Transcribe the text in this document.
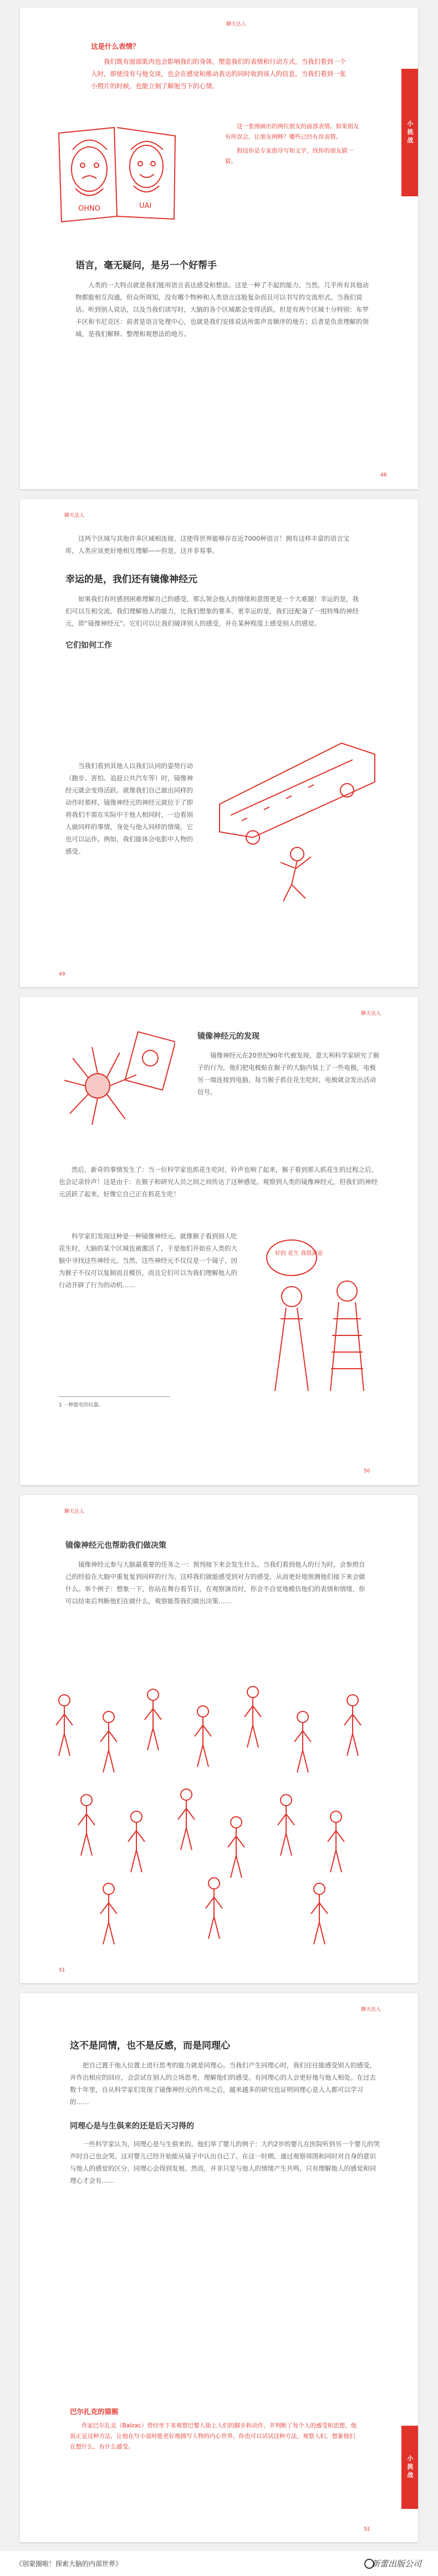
聊天达人

这是什么表情？

我们既有面部肌肉也会影响我们的身体，塑造我们的表情和行动方式。当我们看到一个人时，即使没有与他交谈，也会在感觉和推动表达的同时收到该人的信息。当我们看到一张小照片的时候，也能立刻了解他当下的心情。

OHNO	UAI

这一张图画出的两位朋友的面部表情。如果朋友有所误会，让朋友例释？哪些已经有误表情。

假设你是专家指导写和文字，找你的朋友猜一猜。

小挑战

语言，毫无疑问，是另一个好帮手

人类的一大特点就是我们能用语言表达感受和想法。这是一种了不起的能力。当然，几乎所有其他动物都能相互沟通，但众所周知，没有哪个物种和人类语言这般复杂而且可以书写的交流形式。当我们说话、听到别人说话，以及当我们读写时，大脑的各个区域都会变得活跃。但是有两个区域十分特别：布罗卡区和韦尼克区：前者是语言处理中心，也就是我们安排说话所需声音顺序的地方；后者是负责理解的领域，是我们解释、整理和观想法的地方。

48
聊天达人

这两个区域与其他许多区域相连接。这使得世界能够存在近7000种语言！拥有这样丰富的语言宝库，人类应该更好地相互理解——但是，这并非易事。

幸运的是，我们还有镜像神经元

如果我们有时感到困难理解自己的感受，那么领会他人的情绪和意图更是一个大难题！幸运的是，我们可以互相交流，我们理解他人的能力，比我们想象的要多。更幸运的是，我们还配备了一组特殊的神经元，即“镜像神经元”。它们可以让我们破译别人的感受，并在某种程度上感受别人的感觉。

它们如何工作

当我们看到其他人以我们认同的姿势行动（跑步、害怕、追赶公共汽车等）时，镜像神经元就会变得活跃。就像我们自己做出同样的动作时那样，镜像神经元的神经元就位于了即将我们不需在实际中于他人相同时，一边看别人做同样的事情，身处与他人同样的情境，它也可以运作。例如，我们能体会电影中人物的感受。

49
聊天达人

镜像神经元的发现

镜像神经元在20世纪90年代被发现，意大利科学家研究了猴子的行为，他们把电极贴在猴子的大脑内装上了一些电极，电极另一端连接到电脑，每当猴子抓住花生吃时，电极就会发出活动信号。

然后，新奇的事情发生了：当一位科学家也抓花生吃时，铃声也响了起来，猴子看到那人抓花生的过程之后，也会记录铃声！这是由于：在猴子和研究人员之间之间传达了这种感觉。观察到人类的镜像神经元，但我们的神经元活跃了起来，好像它自己正在抓花生吃！

科学家们发现这种是一种镜像神经元。就像猴子看到别人吃花生时，大脑的某个区域也被激活了，于是他们开始在人类的大脑中寻找这些神经元。当然，这些神经元不仅仅是一个镜子，因为猴子不仅可以复制而且模仿，而且它们可以为我们理解他人的行动开辟了行为的动机……

好的 花生 我很满意
1 一种能电的仪器。
50
聊天达人

镜像神经元也帮助我们做决策

镜像神经元参与大脑最重要的任务之一：预判接下来会发生什么。当我们看到他人的行为时，会参照自己的经验在大脑中重复复到同样的行为。这样我们就能感受到对方的感受，从而更好地预测他们接下来会做什么。举个例子：想象一下，你站在舞台看节目，在观察演员时，你会不自觉地模仿他们的表情和情绪，你可以结束后判断他们在做什么，观察能帮我们做出决策……

51
聊天达人

这不是同情，也不是反感，而是同理心

把自己置于他人位置上进行思考的能力就是同理心。当我们产生同理心时，我们往往能感受别人的感受，并作出相应的回应，会尝试在别人的立场思考，理解他们的感受。有同理心的人会更好地与他人相处。在过去数十年里，自从科学家们发现了镜像神经元的作用之后，越来越多的研究也证明同理心是人人都可以学习的……

同理心是与生俱来的还是后天习得的

一些科学家认为，同理心是与生俱来的。他们举了婴儿的例子：大约2岁的婴儿在医院听到另一个婴儿的哭声时自己也会哭。这对婴儿已经开始能从镜子中认出自己了。在这一时期，通过观察周围和同时对自身的意识与他人的感觉的区分，同理心会得到发展。然而，并非只是与他人的情绪产生共鸣，只有理解他人的感觉和同理心才会有……

巴尔扎克的猿猴

作家巴尔扎克（Balzac）曾经坐下来观察巴黎人街上人们的脚步和动作，并判断了每个人的感受和思想，他说正是这种方法，让他在写小说时能更好地描写人物的内心世界。你也可以试试这种方法，观察人们，想象他们在想什么、有什么感受。

小挑战
52
《别蒙圈啦！探索大脑的内部世界》	新蕾出版公司
